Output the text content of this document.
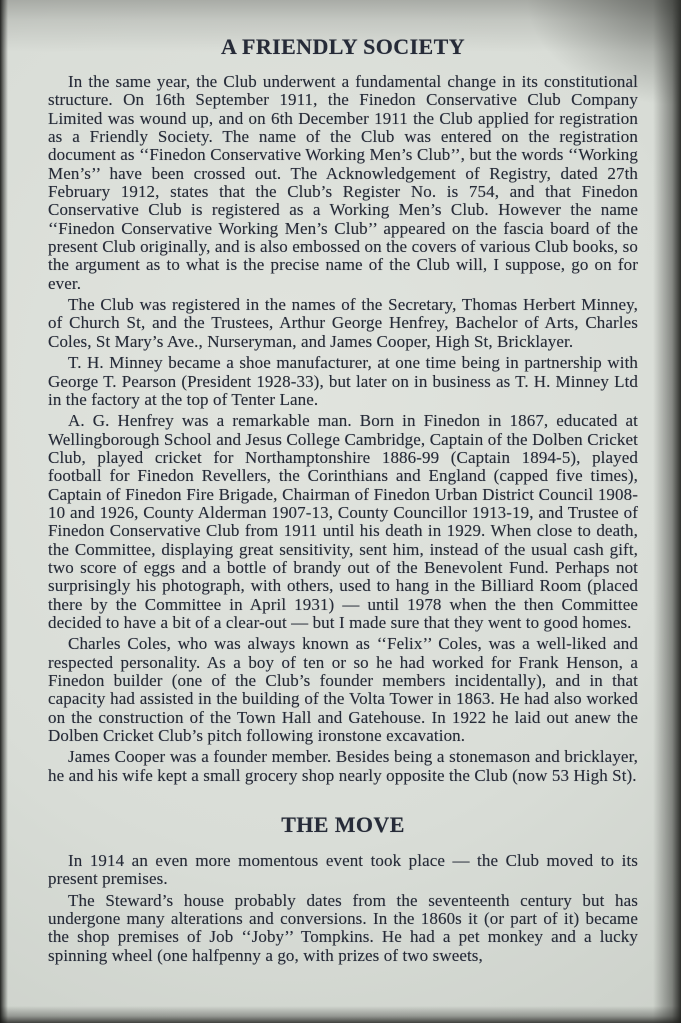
A FRIENDLY SOCIETY

In the same year, the Club underwent a fundamental change in its constitutional structure. On 16th September 1911, the Finedon Conservative Club Company Limited was wound up, and on 6th December 1911 the Club applied for registration as a Friendly Society. The name of the Club was entered on the registration document as ‘‘Finedon Conservative Working Men’s Club’’, but the words ‘‘Working Men’s’’ have been crossed out. The Acknowledgement of Registry, dated 27th February 1912, states that the Club’s Register No. is 754, and that Finedon Conservative Club is registered as a Working Men’s Club. However the name ‘‘Finedon Conservative Working Men’s Club’’ appeared on the fascia board of the present Club originally, and is also embossed on the covers of various Club books, so the argument as to what is the precise name of the Club will, I suppose, go on for ever.

The Club was registered in the names of the Secretary, Thomas Herbert Minney, of Church St, and the Trustees, Arthur George Henfrey, Bachelor of Arts, Charles Coles, St Mary’s Ave., Nurseryman, and James Cooper, High St, Bricklayer.

T. H. Minney became a shoe manufacturer, at one time being in partnership with George T. Pearson (President 1928-33), but later on in business as T. H. Minney Ltd in the factory at the top of Tenter Lane.

A. G. Henfrey was a remarkable man. Born in Finedon in 1867, educated at Wellingborough School and Jesus College Cambridge, Captain of the Dolben Cricket Club, played cricket for Northamptonshire 1886-99 (Captain 1894-5), played football for Finedon Revellers, the Corinthians and England (capped five times), Captain of Finedon Fire Brigade, Chairman of Finedon Urban District Council 1908-10 and 1926, County Alderman 1907-13, County Councillor 1913-19, and Trustee of Finedon Conservative Club from 1911 until his death in 1929. When close to death, the Committee, displaying great sensitivity, sent him, instead of the usual cash gift, two score of eggs and a bottle of brandy out of the Benevolent Fund. Perhaps not surprisingly his photograph, with others, used to hang in the Billiard Room (placed there by the Committee in April 1931) — until 1978 when the then Committee decided to have a bit of a clear-out — but I made sure that they went to good homes.

Charles Coles, who was always known as ‘‘Felix’’ Coles, was a well-liked and respected personality. As a boy of ten or so he had worked for Frank Henson, a Finedon builder (one of the Club’s founder members incidentally), and in that capacity had assisted in the building of the Volta Tower in 1863. He had also worked on the construction of the Town Hall and Gatehouse. In 1922 he laid out anew the Dolben Cricket Club’s pitch following ironstone excavation.

James Cooper was a founder member. Besides being a stonemason and bricklayer, he and his wife kept a small grocery shop nearly opposite the Club (now 53 High St).

THE MOVE

In 1914 an even more momentous event took place — the Club moved to its present premises.

The Steward’s house probably dates from the seventeenth century but has undergone many alterations and conversions. In the 1860s it (or part of it) became the shop premises of Job ‘‘Joby’’ Tompkins. He had a pet monkey and a lucky spinning wheel (one halfpenny a go, with prizes of two sweets,
